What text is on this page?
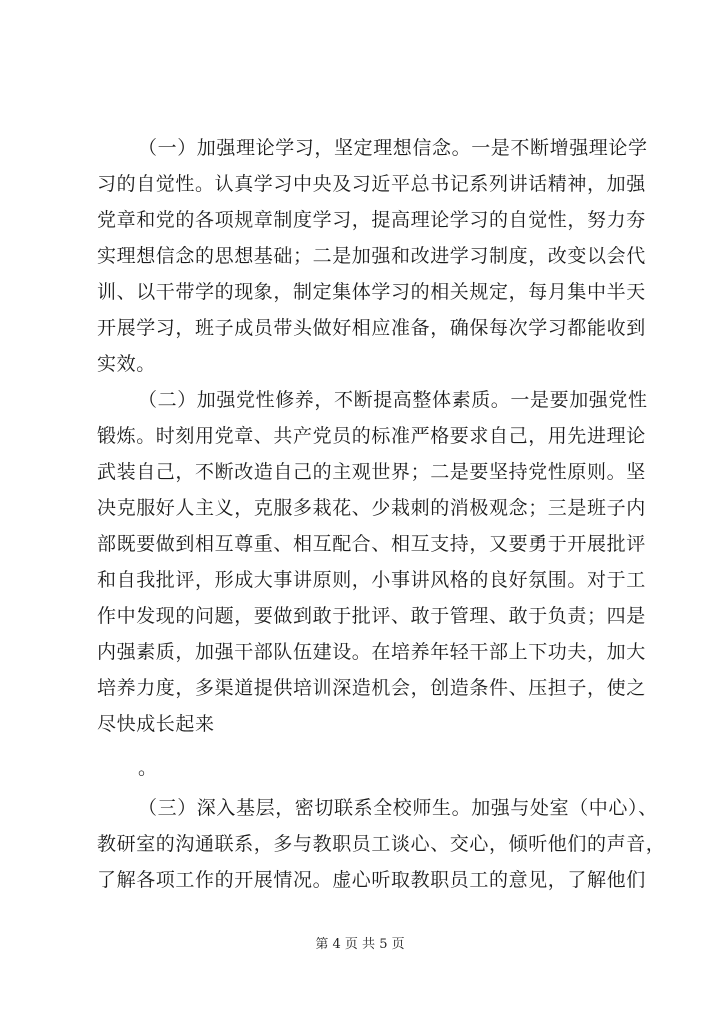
（一）加强理论学习，坚定理想信念。一是不断增强理论学
习的自觉性。认真学习中央及习近平总书记系列讲话精神，加强
党章和党的各项规章制度学习，提高理论学习的自觉性，努力夯
实理想信念的思想基础；二是加强和改进学习制度，改变以会代
训、以干带学的现象，制定集体学习的相关规定，每月集中半天
开展学习，班子成员带头做好相应准备，确保每次学习都能收到
实效。
（二）加强党性修养，不断提高整体素质。一是要加强党性
锻炼。时刻用党章、共产党员的标准严格要求自己，用先进理论
武装自己，不断改造自己的主观世界；二是要坚持党性原则。坚
决克服好人主义，克服多栽花、少栽刺的消极观念；三是班子内
部既要做到相互尊重、相互配合、相互支持，又要勇于开展批评
和自我批评，形成大事讲原则，小事讲风格的良好氛围。对于工
作中发现的问题，要做到敢于批评、敢于管理、敢于负责；四是
内强素质，加强干部队伍建设。在培养年轻干部上下功夫，加大
培养力度，多渠道提供培训深造机会，创造条件、压担子，使之
尽快成长起来
。
（三）深入基层，密切联系全校师生。加强与处室（中心）、
教研室的沟通联系，多与教职员工谈心、交心，倾听他们的声音，
了解各项工作的开展情况。虚心听取教职员工的意见，了解他们
第 4 页 共 5 页
